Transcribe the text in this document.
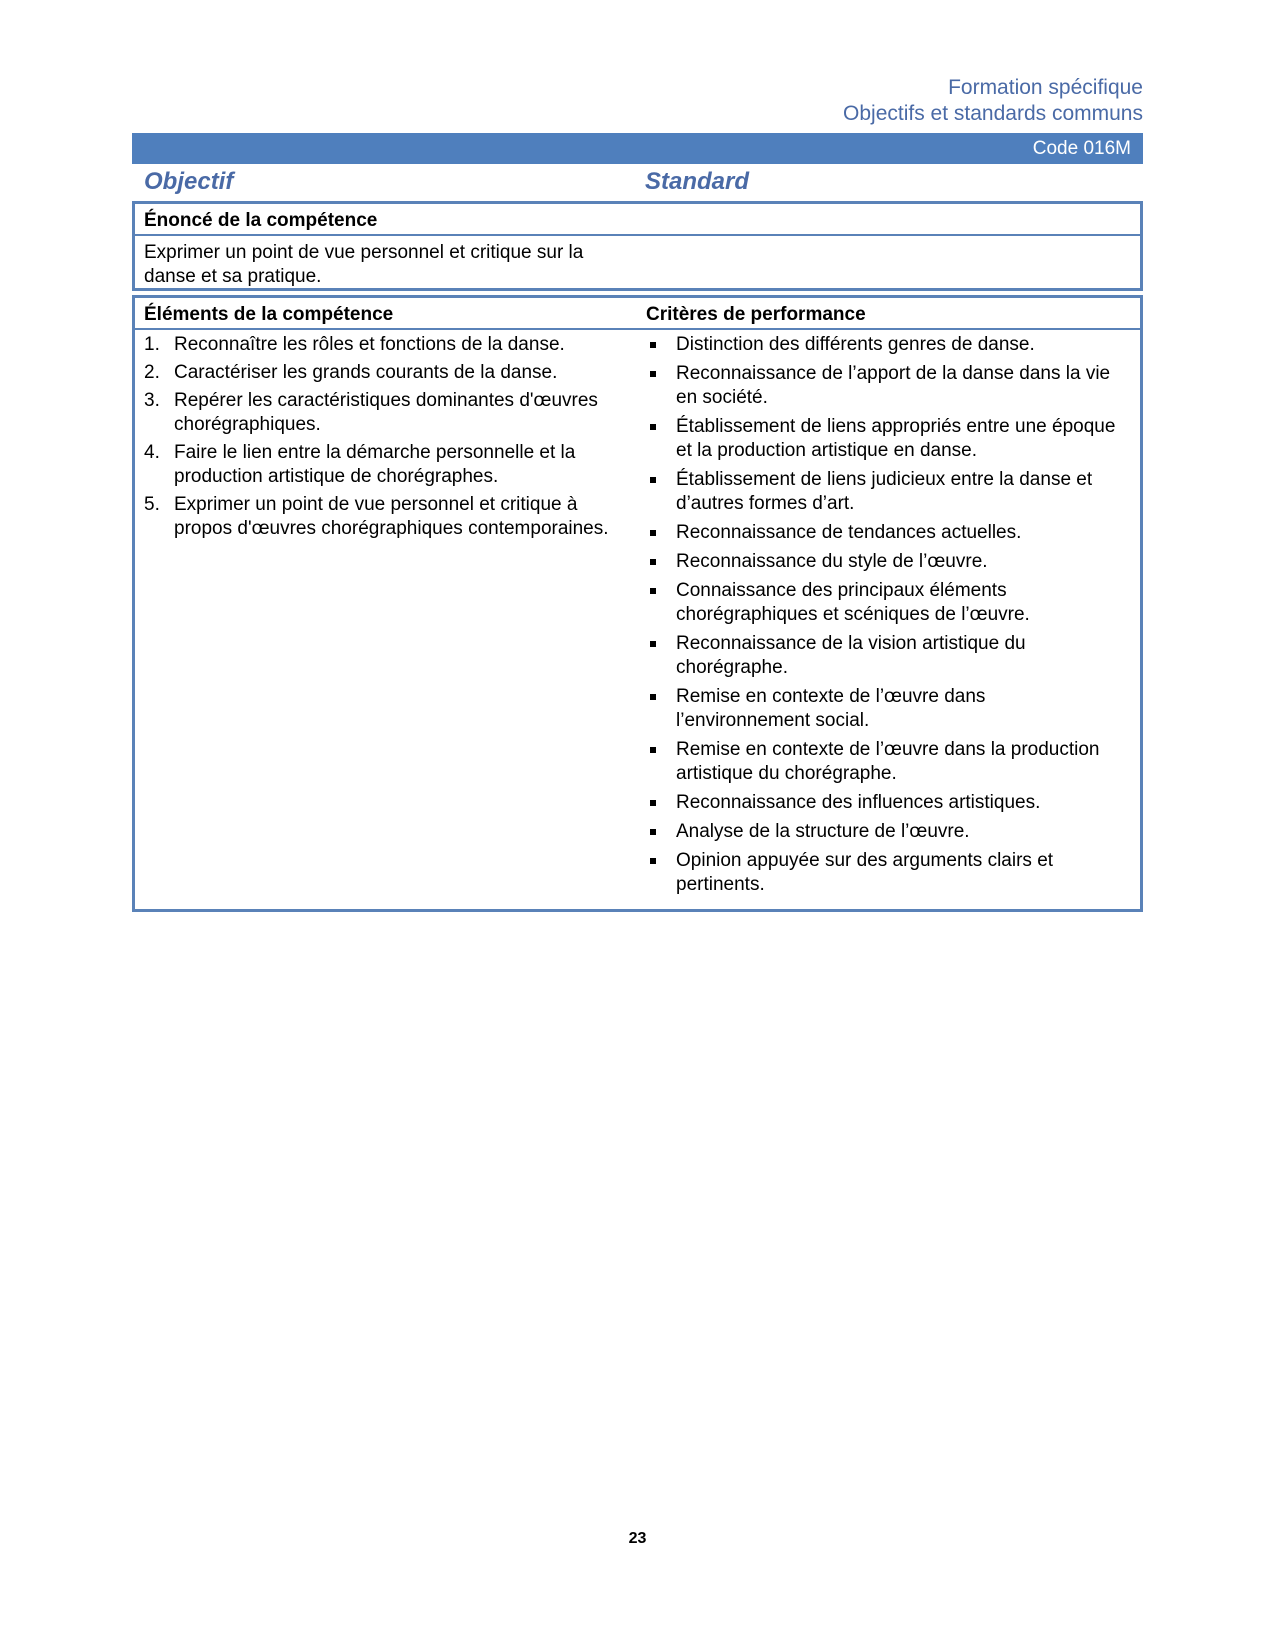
Formation spécifique
Objectifs et standards communs
Code 016M
Objectif	Standard
Énoncé de la compétence
Exprimer un point de vue personnel et critique sur la danse et sa pratique.
Éléments de la compétence	Critères de performance
1. Reconnaître les rôles et fonctions de la danse.
2. Caractériser les grands courants de la danse.
3. Repérer les caractéristiques dominantes d'œuvres chorégraphiques.
4. Faire le lien entre la démarche personnelle et la production artistique de chorégraphes.
5. Exprimer un point de vue personnel et critique à propos d'œuvres chorégraphiques contemporaines.
Distinction des différents genres de danse.
Reconnaissance de l’apport de la danse dans la vie en société.
Établissement de liens appropriés entre une époque et la production artistique en danse.
Établissement de liens judicieux entre la danse et d’autres formes d’art.
Reconnaissance de tendances actuelles.
Reconnaissance du style de l’œuvre.
Connaissance des principaux éléments chorégraphiques et scéniques de l’œuvre.
Reconnaissance de la vision artistique du chorégraphe.
Remise en contexte de l’œuvre dans l’environnement social.
Remise en contexte de l’œuvre dans la production artistique du chorégraphe.
Reconnaissance des influences artistiques.
Analyse de la structure de l’œuvre.
Opinion appuyée sur des arguments clairs et pertinents.
23
